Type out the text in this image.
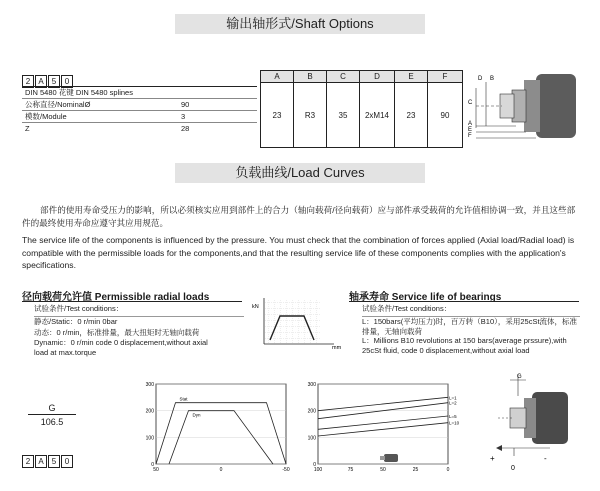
输出轴形式/Shaft Options
2 A 5 0
DIN 5480 花键 DIN 5480 splines	
公称直径/NominalØ	90
模数/Module	3
Z	28
A	B	C	D	E	F
23	R3	35	2xM14	23	90
D B
C
A
E
F
负载曲线/Load Curves
部件的使用寿命受压力的影响，所以必须核实应用到部件上的合力（轴向载荷/径向载荷）应与部件承受载荷的允许值相协调一致，并且这些部件的最终使用寿命应遵守其应用规范。
The service life of the components is influenced by the pressure. You must check that the combination of forces applied (Axial load/Radial load) is compatible with the permissible loads for the components,and that the resulting service life of these components complies with the application's specifications.
径向载荷允许值 Permissible radial loads
试验条件/Test conditions：
静态/Static：0 r/min 0bar
动态：0 r/min，标准排量，最大扭矩时无轴向载荷
Dynamic：0 r/min code 0 displacement,without axial load at max.torque
kN
mm
轴承寿命 Service life of bearings
试验条件/Test conditions：
L：150bars(平均压力)时，百万转（B10），采用25cSt流体，标准排量，无轴向载荷
L：Millions B10 revolutions at 150 bars(average prssure),with 25cSt fluid, code 0 displacement,without axial load
G
106.5
2 A 5 0
300
200
100
0
50	0	-50
Stat
Dyn
300
200
100
0
100	75	50	25	0
L=1
L=2
L=5
L=10
G
+	-
0
